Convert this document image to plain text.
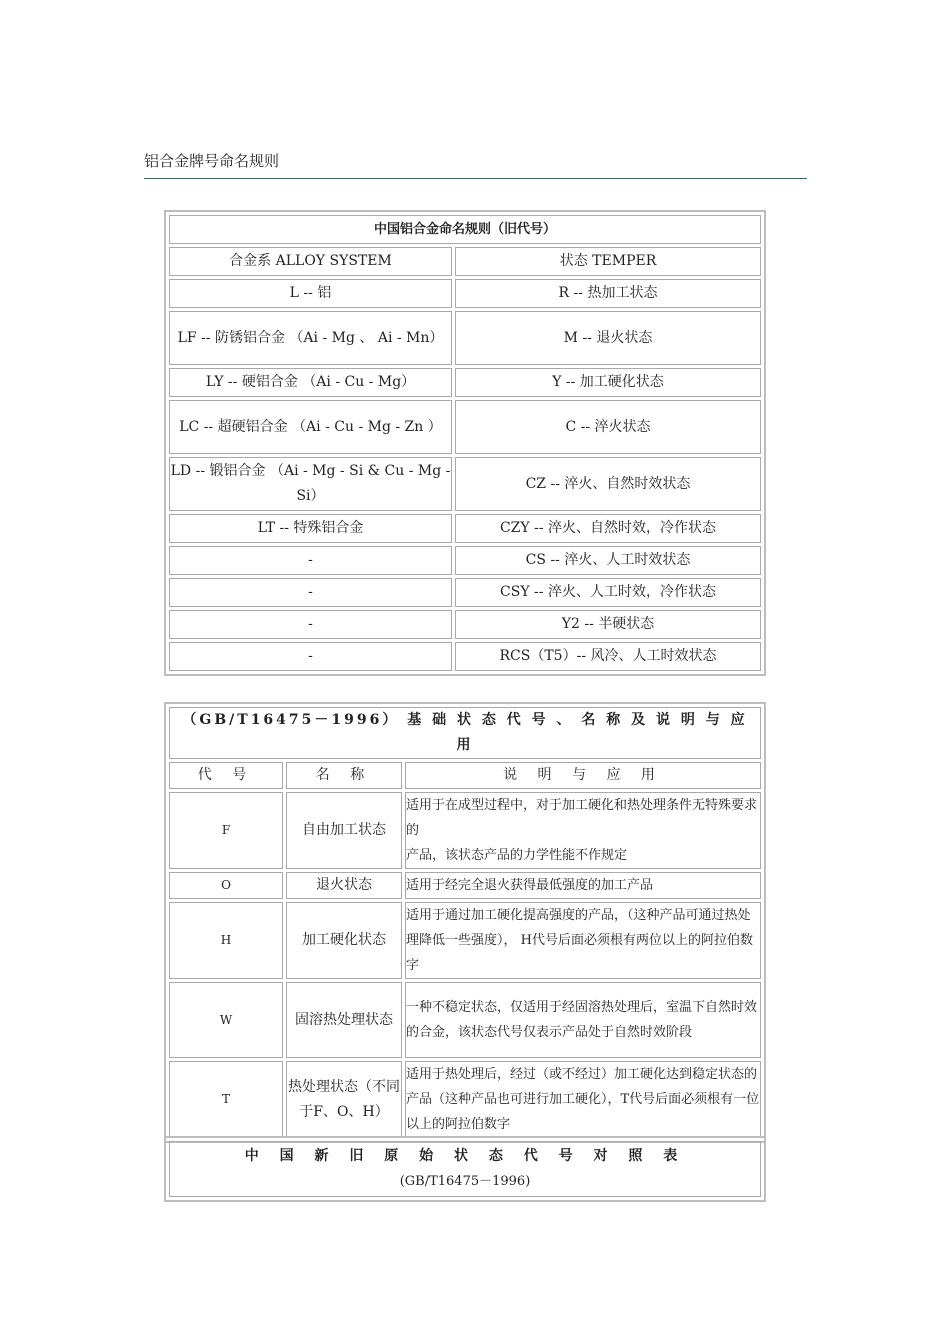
铝合金牌号命名规则
中国铝合金命名规则（旧代号）	
合金系 ALLOY SYSTEM	状态 TEMPER
L -- 铝	R -- 热加工状态
LF -- 防锈铝合金 （Ai - Mg 、 Ai - Mn）	M -- 退火状态
LY -- 硬铝合金 （Ai - Cu - Mg）	Y -- 加工硬化状态
LC -- 超硬铝合金 （Ai - Cu - Mg - Zn ）	C -- 淬火状态
LD -- 锻铝合金 （Ai - Mg - Si & Cu - Mg - Si）	CZ -- 淬火、自然时效状态
LT -- 特殊铝合金	CZY -- 淬火、自然时效，冷作状态
-	CS -- 淬火、人工时效状态
-	CSY -- 淬火、人工时效，冷作状态
-	Y2 -- 半硬状态
-	RCS（T5）-- 风冷、人工时效状态
（GB/T16475－1996） 基 础 状 态 代 号 、 名 称 及 说 明 与 应 用		
代 号	名 称	说 明 与 应 用
F	自由加工状态	适用于在成型过程中，对于加工硬化和热处理条件无特殊要求的
产品，该状态产品的力学性能不作规定

O	退火状态	适用于经完全退火获得最低强度的加工产品
H	加工硬化状态	适用于通过加工硬化提高强度的产品，（这种产品可通过热处理降低一些强度）， H代号后面必须根有两位以上的阿拉伯数字
W	固溶热处理状态	一种不稳定状态，仅适用于经固溶热处理后，室温下自然时效
的合金，该状态代号仅表示产品处于自然时效阶段

T	热处理状态（不同于F、O、H）	适用于热处理后，经过（或不经过）加工硬化达到稳定状态的产品（这种产品也可进行加工硬化），T代号后面必须根有一位以上的阿拉伯数字
中 国 新 旧 原 始 状 态 代 号 对 照 表
(GB/T16475－1996)
